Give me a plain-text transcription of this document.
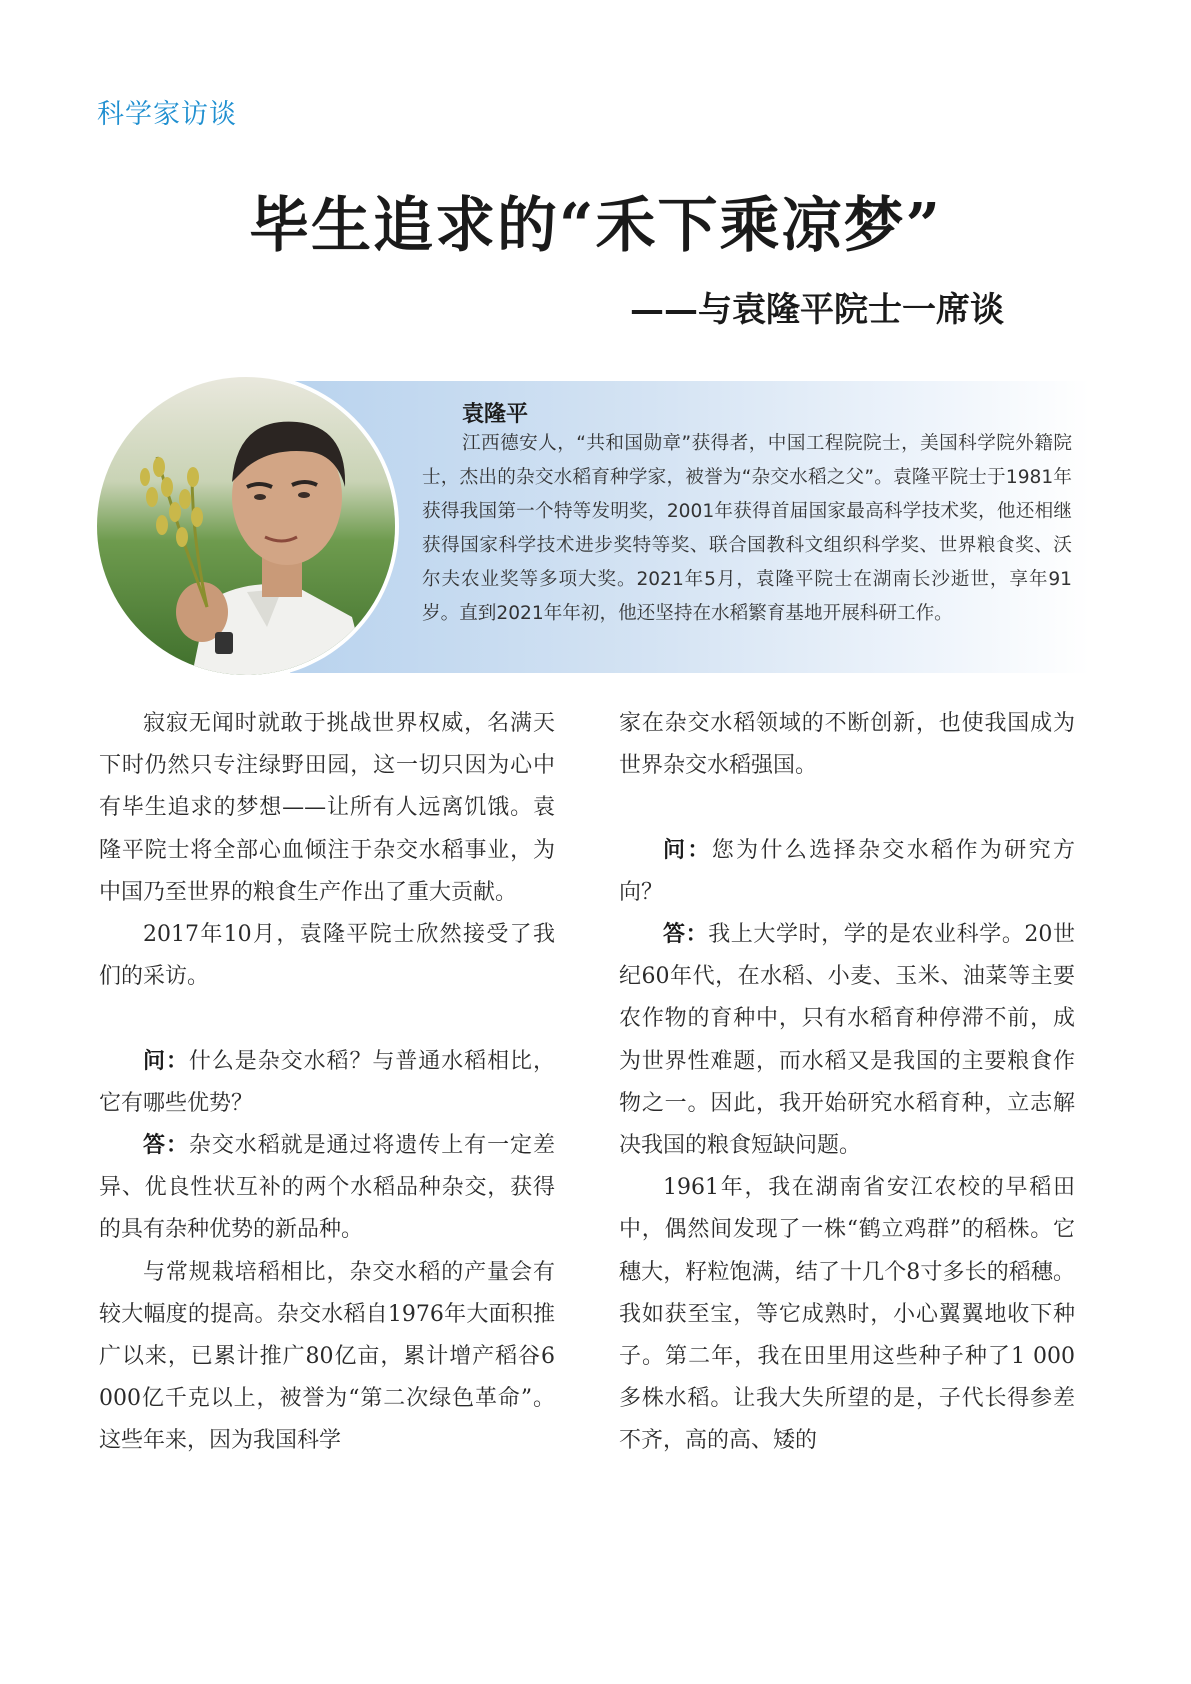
科学家访谈
毕生追求的“禾下乘凉梦”
——与袁隆平院士一席谈
袁隆平

江西德安人，“共和国勋章”获得者，中国工程院院士，美国科学院外籍院士，杰出的杂交水稻育种学家，被誉为“杂交水稻之父”。袁隆平院士于1981年获得我国第一个特等发明奖，2001年获得首届国家最高科学技术奖，他还相继获得国家科学技术进步奖特等奖、联合国教科文组织科学奖、世界粮食奖、沃尔夫农业奖等多项大奖。2021年5月，袁隆平院士在湖南长沙逝世，享年91岁。直到2021年年初，他还坚持在水稻繁育基地开展科研工作。

寂寂无闻时就敢于挑战世界权威，名满天下时仍然只专注绿野田园，这一切只因为心中有毕生追求的梦想——让所有人远离饥饿。袁隆平院士将全部心血倾注于杂交水稻事业，为中国乃至世界的粮食生产作出了重大贡献。

2017年10月，袁隆平院士欣然接受了我们的采访。

问：什么是杂交水稻？与普通水稻相比，它有哪些优势？

答：杂交水稻就是通过将遗传上有一定差异、优良性状互补的两个水稻品种杂交，获得的具有杂种优势的新品种。

与常规栽培稻相比，杂交水稻的产量会有较大幅度的提高。杂交水稻自1976年大面积推广以来，已累计推广80亿亩，累计增产稻谷6 000亿千克以上，被誉为“第二次绿色革命”。这些年来，因为我国科学

家在杂交水稻领域的不断创新，也使我国成为世界杂交水稻强国。

问：您为什么选择杂交水稻作为研究方向？

答：我上大学时，学的是农业科学。20世纪60年代，在水稻、小麦、玉米、油菜等主要农作物的育种中，只有水稻育种停滞不前，成为世界性难题，而水稻又是我国的主要粮食作物之一。因此，我开始研究水稻育种，立志解决我国的粮食短缺问题。

1961年，我在湖南省安江农校的早稻田中，偶然间发现了一株“鹤立鸡群”的稻株。它穗大，籽粒饱满，结了十几个8寸多长的稻穗。我如获至宝，等它成熟时，小心翼翼地收下种子。第二年，我在田里用这些种子种了1 000多株水稻。让我大失所望的是，子代长得参差不齐，高的高、矮的
